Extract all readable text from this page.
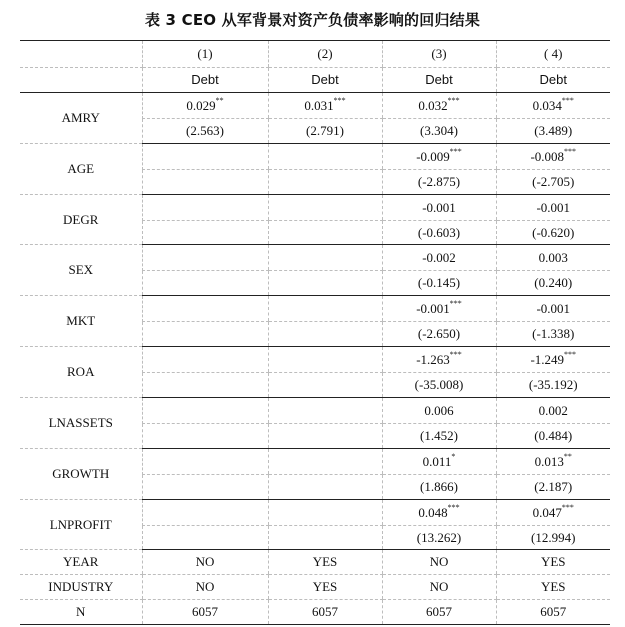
表 3 CEO 从军背景对资产负债率影响的回归结果
	(1)	(2)	(3)	( 4)
	Debt	Debt	Debt	Debt
AMRY	0.029**	0.031***	0.032***	0.034***
	(2.563)	(2.791)	(3.304)	(3.489)
AGE			-0.009***	-0.008***
			(-2.875)	(-2.705)
DEGR			-0.001	-0.001
			(-0.603)	(-0.620)
SEX			-0.002	0.003
			(-0.145)	(0.240)
MKT			-0.001***	-0.001
			(-2.650)	(-1.338)
ROA			-1.263***	-1.249***
			(-35.008)	(-35.192)
LNASSETS			0.006	0.002
			(1.452)	(0.484)
GROWTH			0.011*	0.013**
			(1.866)	(2.187)
LNPROFIT			0.048***	0.047***
			(13.262)	(12.994)
YEAR	NO	YES	NO	YES
INDUSTRY	NO	YES	NO	YES
N	6057	6057	6057	6057
